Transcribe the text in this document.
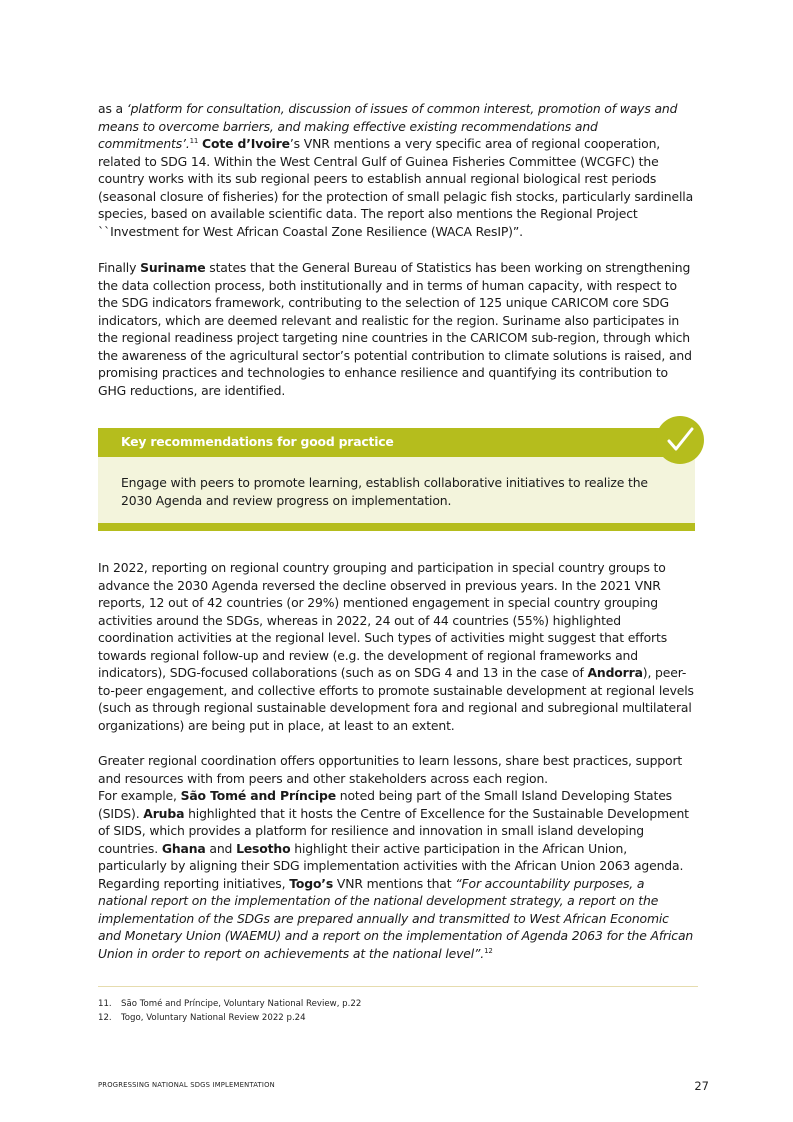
as a ‘platform for consultation, discussion of issues of common interest, promotion of ways and means to overcome barriers, and making effective existing recommendations and commitments’.$^{11}$ Cote d’Ivoire’s VNR mentions a very specific area of regional cooperation, related to SDG 14. Within the West Central Gulf of Guinea Fisheries Committee (WCGFC) the country works with its sub regional peers to establish annual regional biological rest periods (seasonal closure of fisheries) for the protection of small pelagic fish stocks, particularly sardinella species, based on available scientific data. The report also mentions the Regional Project ``Investment for West African Coastal Zone Resilience (WACA ResIP)”.

Finally Suriname states that the General Bureau of Statistics has been working on strengthening the data collection process, both institutionally and in terms of human capacity, with respect to the SDG indicators framework, contributing to the selection of 125 unique CARICOM core SDG indicators, which are deemed relevant and realistic for the region. Suriname also participates in the regional readiness project targeting nine countries in the CARICOM sub-region, through which the awareness of the agricultural sector’s potential contribution to climate solutions is raised, and promising practices and technologies to enhance resilience and quantifying its contribution to GHG reductions, are identified.

Key recommendations for good practice

Engage with peers to promote learning, establish collaborative initiatives to realize the 2030 Agenda and review progress on implementation.

In 2022, reporting on regional country grouping and participation in special country groups to advance the 2030 Agenda reversed the decline observed in previous years. In the 2021 VNR reports, 12 out of 42 countries (or 29%) mentioned engagement in special country grouping activities around the SDGs, whereas in 2022, 24 out of 44 countries (55%) highlighted coordination activities at the regional level. Such types of activities might suggest that efforts towards regional follow-up and review (e.g. the development of regional frameworks and indicators), SDG-focused collaborations (such as on SDG 4 and 13 in the case of Andorra), peer-to-peer engagement, and collective efforts to promote sustainable development at regional levels (such as through regional sustainable development fora and regional and subregional multilateral organizations) are being put in place, at least to an extent.

Greater regional coordination offers opportunities to learn lessons, share best practices, support and resources with from peers and other stakeholders across each region.
For example, São Tomé and Príncipe noted being part of the Small Island Developing States (SIDS). Aruba highlighted that it hosts the Centre of Excellence for the Sustainable Development of SIDS, which provides a platform for resilience and innovation in small island developing countries. Ghana and Lesotho highlight their active participation in the African Union, particularly by aligning their SDG implementation activities with the African Union 2063 agenda. Regarding reporting initiatives, Togo’s VNR mentions that “For accountability purposes, a national report on the implementation of the national development strategy, a report on the implementation of the SDGs are prepared annually and transmitted to West African Economic and Monetary Union (WAEMU) and a report on the implementation of Agenda 2063 for the African Union in order to report on achievements at the national level”.$^{12}$

11. São Tomé and Príncipe, Voluntary National Review, p.22
12. Togo, Voluntary National Review 2022 p.24
PROGRESSING NATIONAL SDGS IMPLEMENTATION	27
